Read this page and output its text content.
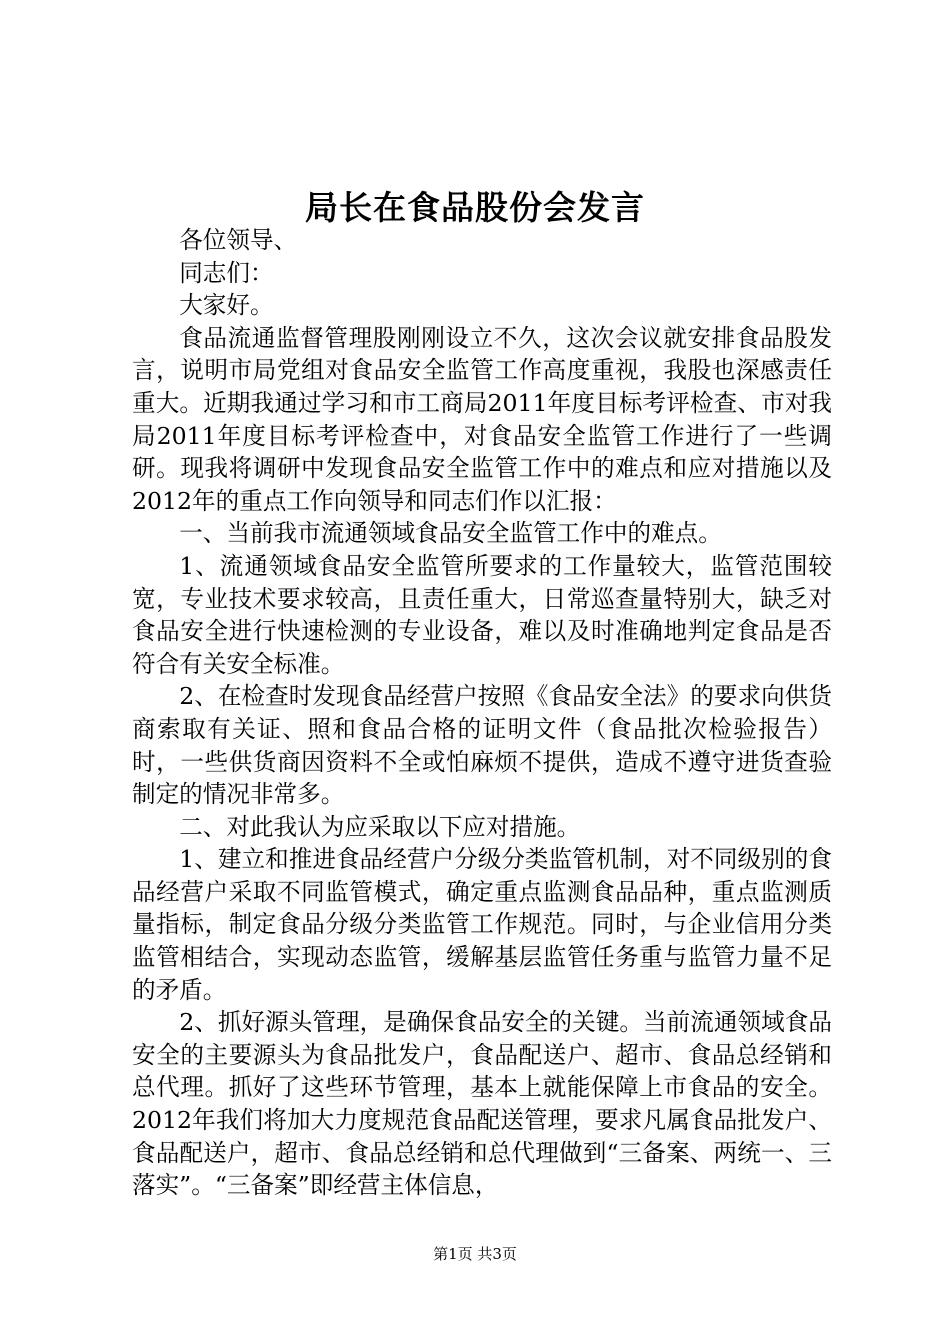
局长在食品股份会发言

各位领导、

同志们：

大家好。

食品流通监督管理股刚刚设立不久，这次会议就安排食品股发言，说明市局党组对食品安全监管工作高度重视，我股也深感责任重大。近期我通过学习和市工商局2011年度目标考评检查、市对我局2011年度目标考评检查中，对食品安全监管工作进行了一些调研。现我将调研中发现食品安全监管工作中的难点和应对措施以及2012年的重点工作向领导和同志们作以汇报：

一、当前我市流通领域食品安全监管工作中的难点。

1、流通领域食品安全监管所要求的工作量较大，监管范围较宽，专业技术要求较高，且责任重大，日常巡查量特别大，缺乏对食品安全进行快速检测的专业设备，难以及时准确地判定食品是否符合有关安全标准。

2、在检查时发现食品经营户按照《食品安全法》的要求向供货商索取有关证、照和食品合格的证明文件（食品批次检验报告）时，一些供货商因资料不全或怕麻烦不提供，造成不遵守进货查验制定的情况非常多。

二、对此我认为应采取以下应对措施。

1、建立和推进食品经营户分级分类监管机制，对不同级别的食品经营户采取不同监管模式，确定重点监测食品品种，重点监测质量指标，制定食品分级分类监管工作规范。同时，与企业信用分类监管相结合，实现动态监管，缓解基层监管任务重与监管力量不足的矛盾。

2、抓好源头管理，是确保食品安全的关键。当前流通领域食品安全的主要源头为食品批发户，食品配送户、超市、食品总经销和总代理。抓好了这些环节管理，基本上就能保障上市食品的安全。2012年我们将加大力度规范食品配送管理，要求凡属食品批发户、食品配送户，超市、食品总经销和总代理做到“三备案、两统一、三落实”。“三备案”即经营主体信息，

第1页 共3页
